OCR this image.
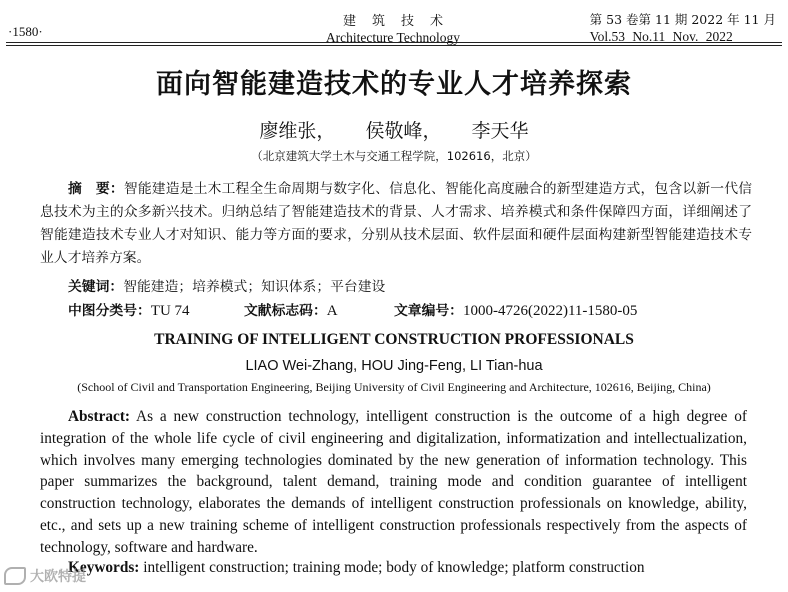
·1580·
建筑技术
Architecture Technology
第 53 卷第 11 期 2022 年 11 月
Vol.53 No.11 Nov. 2022
面向智能建造技术的专业人才培养探索
廖维张， 侯敬峰， 李天华
（北京建筑大学土木与交通工程学院，102616，北京）
摘　要：智能建造是土木工程全生命周期与数字化、信息化、智能化高度融合的新型建造方式，包含以新一代信息技术为主的众多新兴技术。归纳总结了智能建造技术的背景、人才需求、培养模式和条件保障四方面，详细阐述了智能建造技术专业人才对知识、能力等方面的要求，分别从技术层面、软件层面和硬件层面构建新型智能建造技术专业人才培养方案。
关键词：智能建造；培养模式；知识体系；平台建设
中图分类号：TU 74	文献标志码：A	文章编号：1000-4726(2022)11-1580-05
TRAINING OF INTELLIGENT CONSTRUCTION PROFESSIONALS
LIAO Wei-Zhang, HOU Jing-Feng, LI Tian-hua
(School of Civil and Transportation Engineering, Beijing University of Civil Engineering and Architecture, 102616, Beijing, China)
Abstract: As a new construction technology, intelligent construction is the outcome of a high degree of integration of the whole life cycle of civil engineering and digitalization, informatization and intellectualization, which involves many emerging technologies dominated by the new generation of information technology. This paper summarizes the background, talent demand, training mode and condition guarantee of intelligent construction technology, elaborates the demands of intelligent construction professionals on knowledge, ability, etc., and sets up a new training scheme of intelligent construction professionals respectively from the aspects of technology, software and hardware.
Keywords: intelligent construction; training mode; body of knowledge; platform construction
大欧特提
